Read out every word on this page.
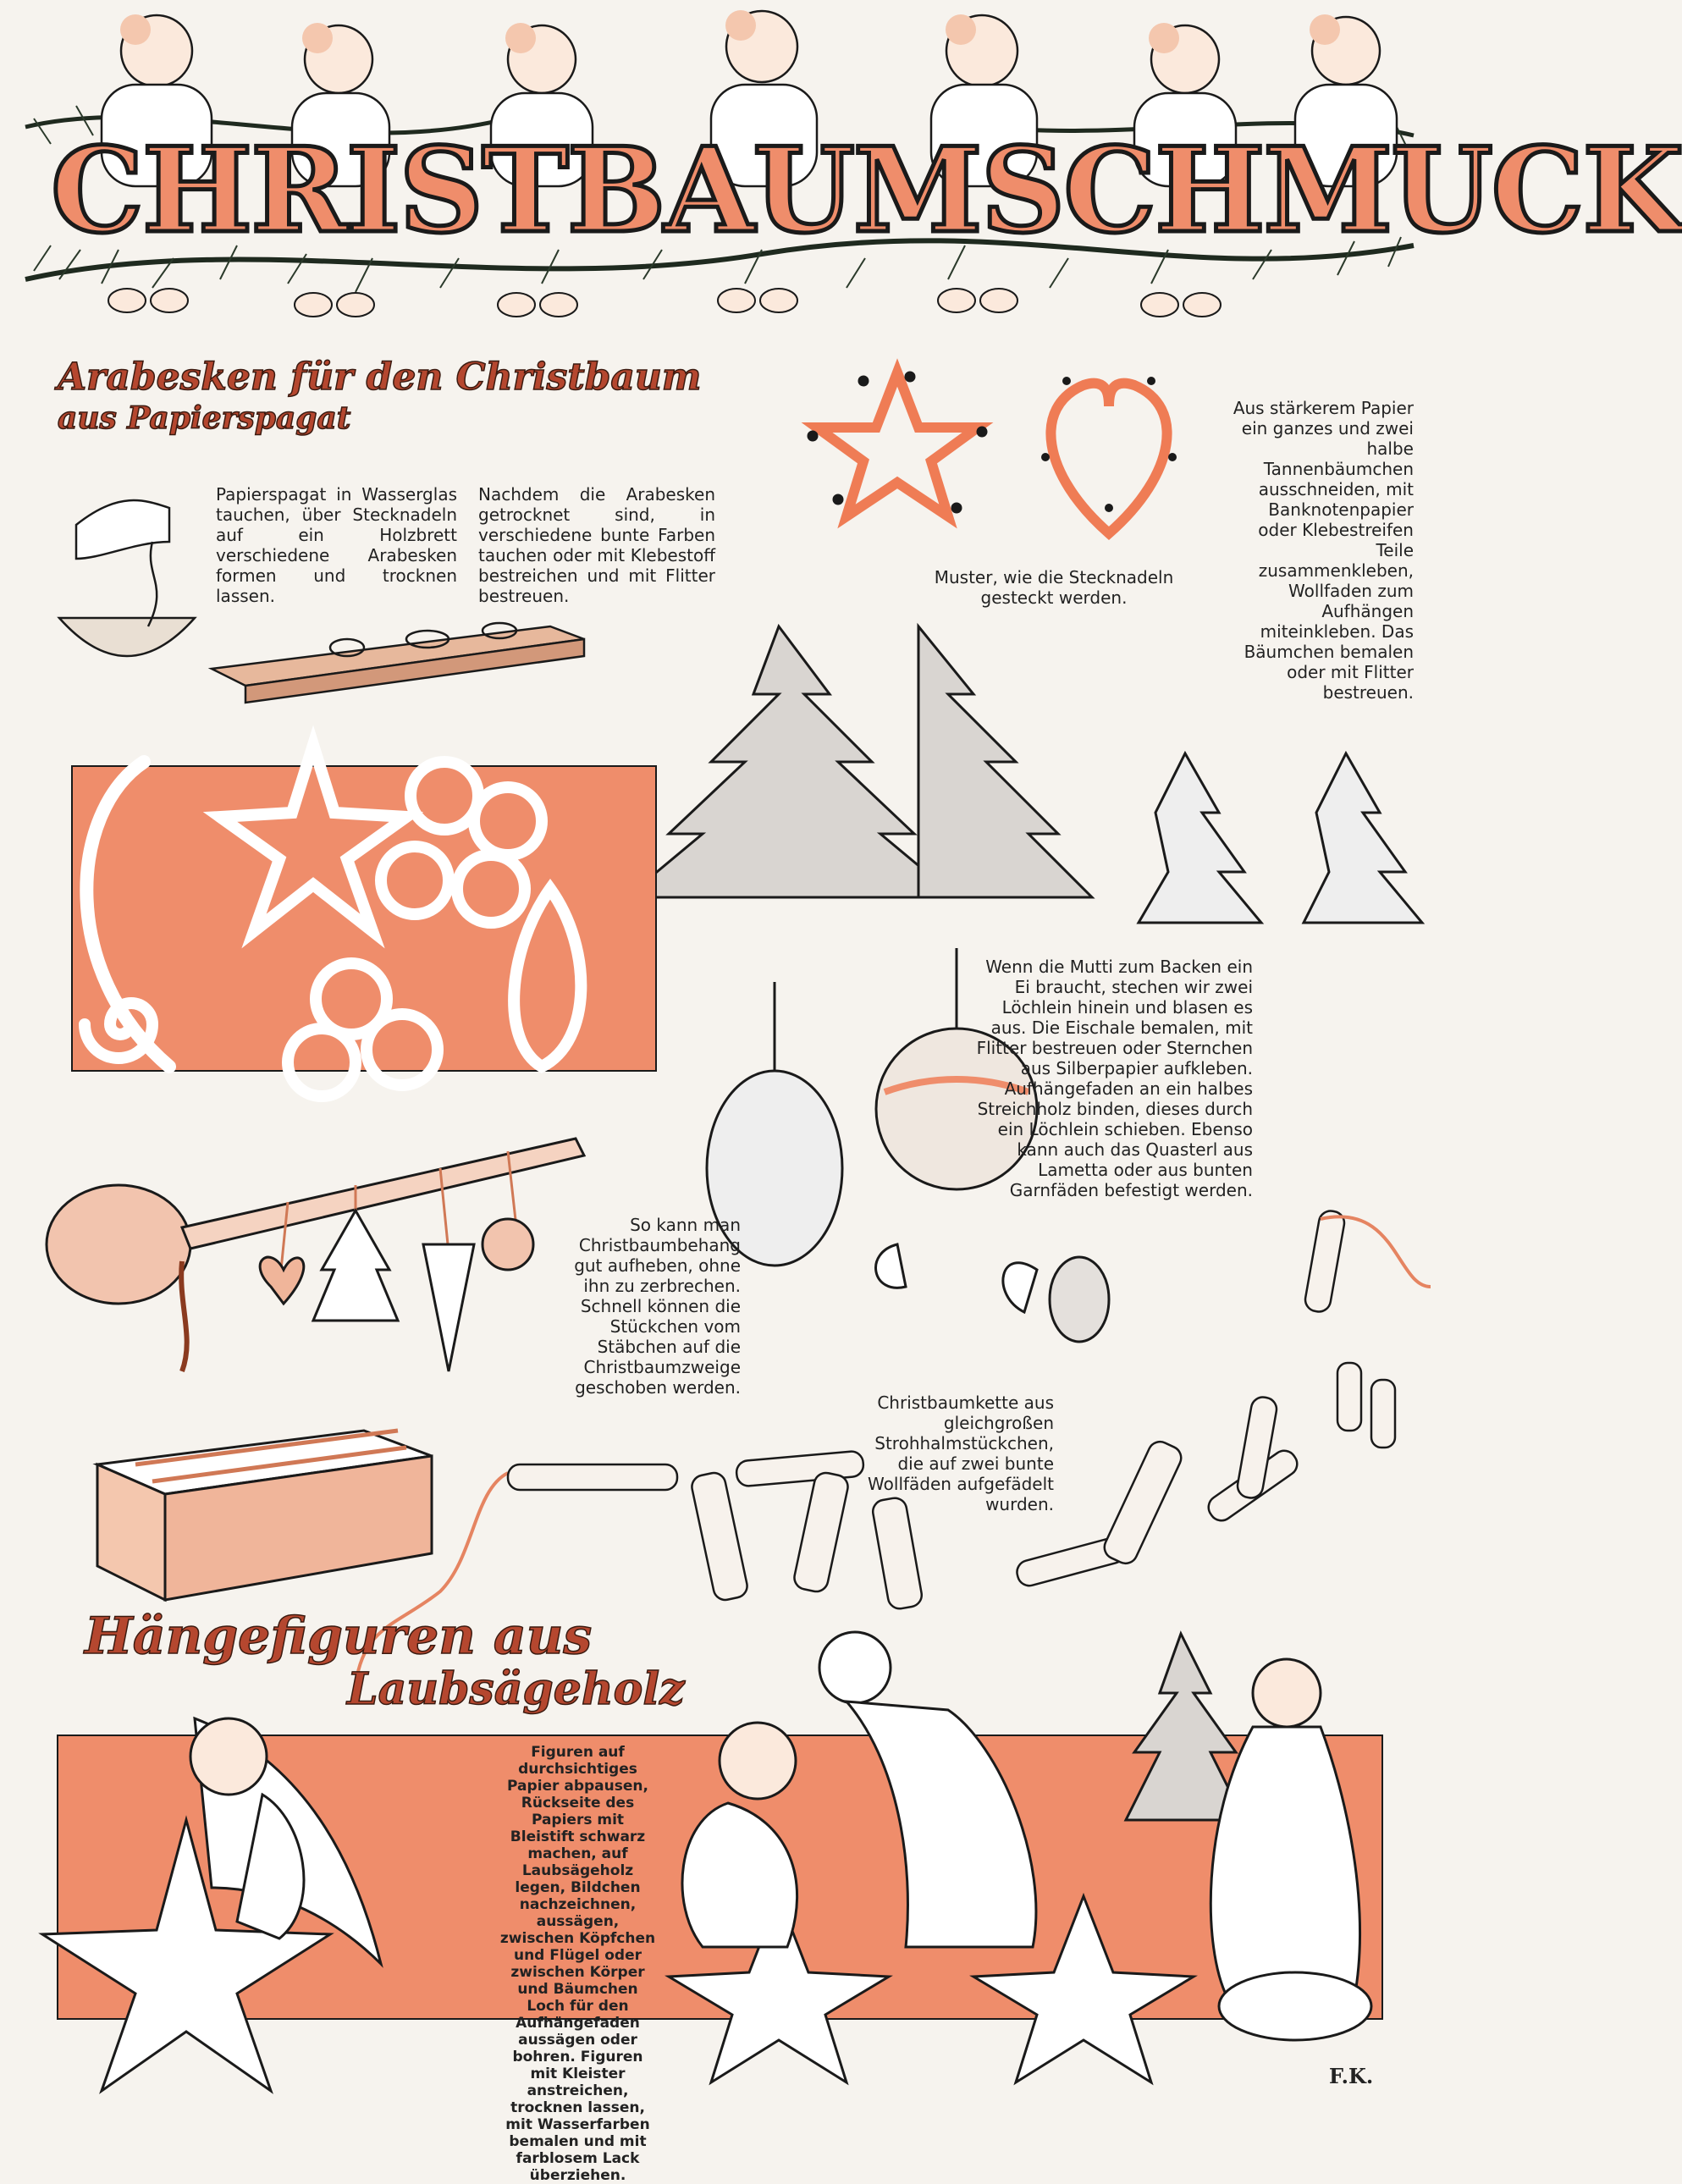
CHRISTBAUMSCHMUCK
Arabesken für den Christbaum
aus Papierspagat
Papierspagat in Wasserglas tauchen, über Stecknadeln auf ein Holzbrett verschiedene Arabesken formen und trocknen lassen.
Nachdem die Arabesken getrocknet sind, in verschiedene bunte Farben tauchen oder mit Klebestoff bestreichen und mit Flitter bestreuen.
Muster, wie die Stecknadeln gesteckt werden.
Aus stärkerem Papier ein ganzes und zwei halbe Tannenbäumchen ausschneiden, mit Banknotenpapier oder Klebestreifen Teile zusammenkleben, Wollfaden zum Aufhängen miteinkleben. Das Bäumchen bemalen oder mit Flitter bestreuen.
Wenn die Mutti zum Backen ein Ei braucht, stechen wir zwei Löchlein hinein und blasen es aus. Die Eischale bemalen, mit Flitter bestreuen oder Sternchen aus Silberpapier aufkleben. Aufhängefaden an ein halbes Streichholz binden, dieses durch ein Löchlein schieben. Ebenso kann auch das Quasterl aus Lametta oder aus bunten Garnfäden befestigt werden.
So kann man Christbaumbehang gut aufheben, ohne ihn zu zerbrechen. Schnell können die Stückchen vom Stäbchen auf die Christbaumzweige geschoben werden.
Christbaumkette aus gleichgroßen Strohhalmstückchen, die auf zwei bunte Wollfäden aufgefädelt wurden.
Hängefiguren aus
Laubsägeholz
Figuren auf durchsichtiges Papier abpausen, Rückseite des Papiers mit Bleistift schwarz machen, auf Laubsägeholz legen, Bildchen nachzeichnen, aussägen, zwischen Köpfchen und Flügel oder zwischen Körper und Bäumchen Loch für den Aufhängefaden aussägen oder bohren. Figuren mit Kleister anstreichen, trocknen lassen, mit Wasserfarben bemalen und mit farblosem Lack überziehen.
F.K.
